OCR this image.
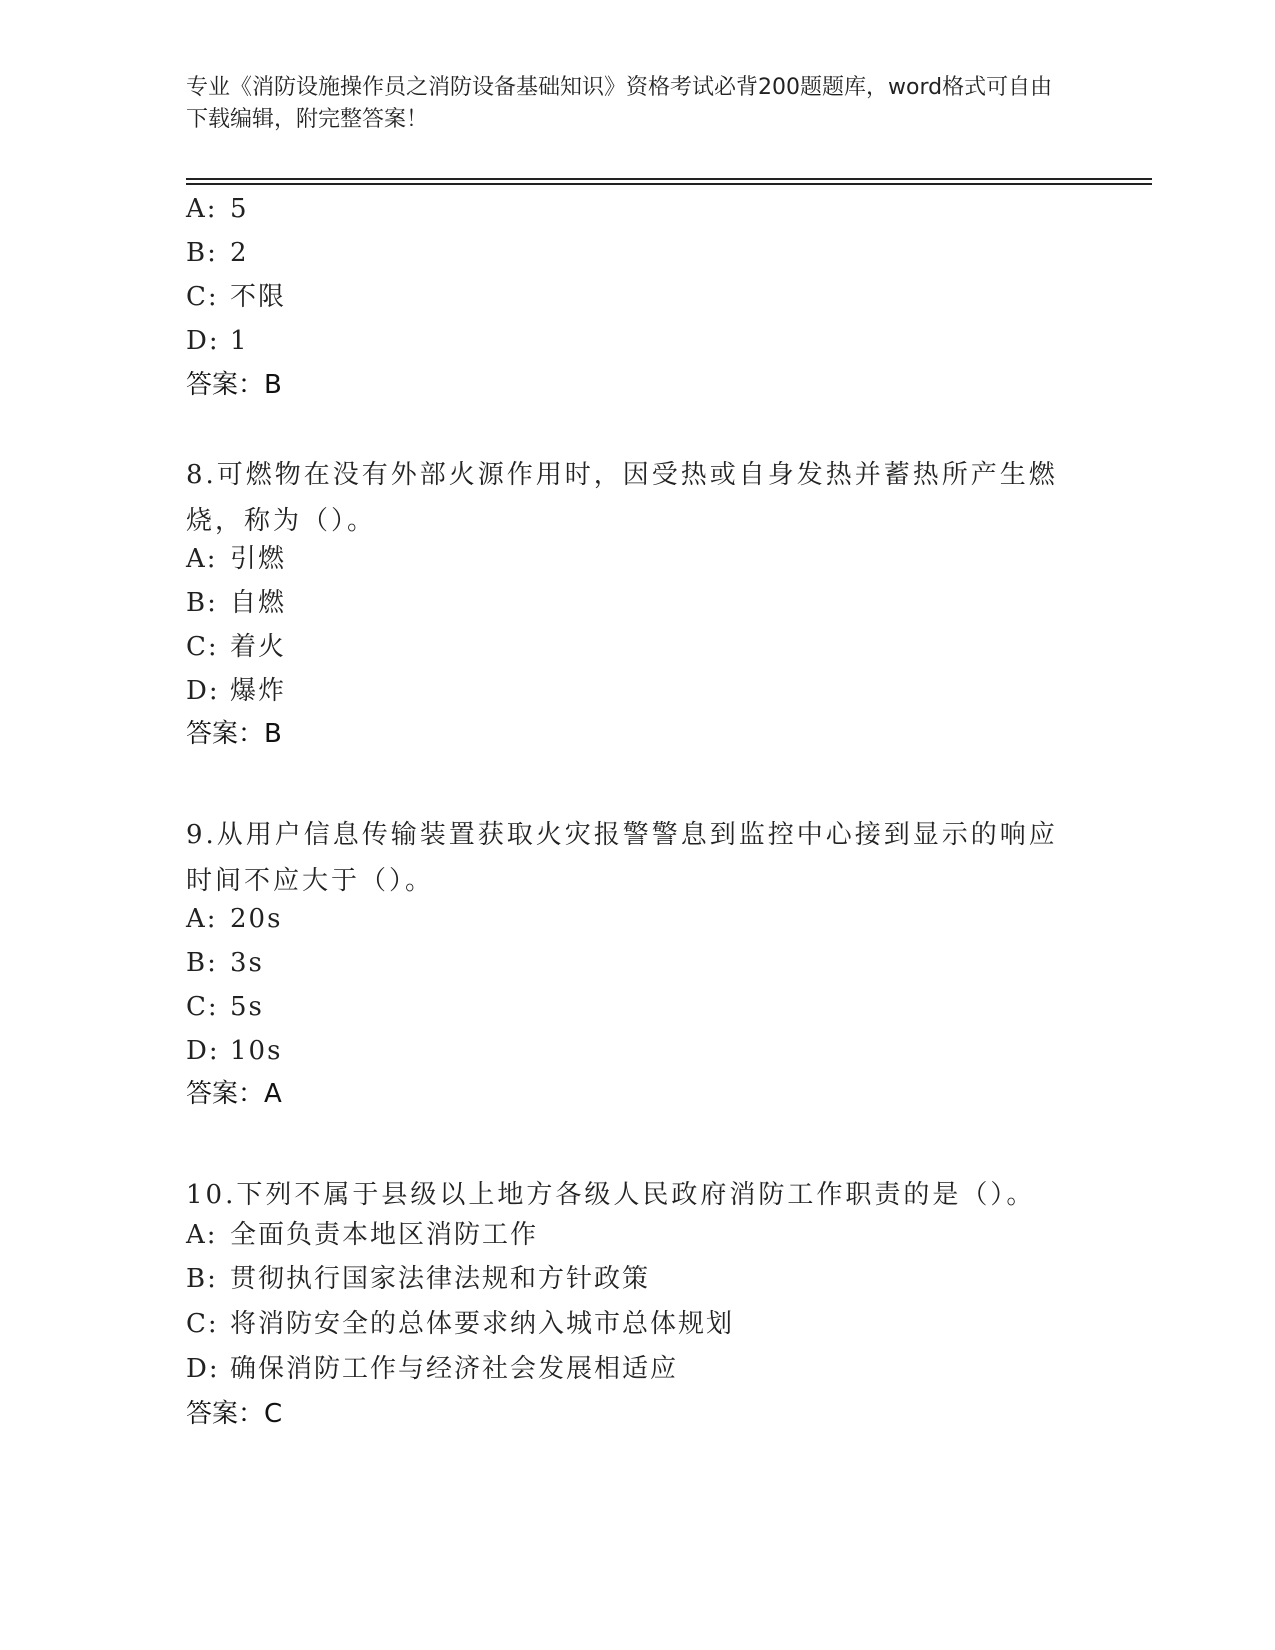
专业《消防设施操作员之消防设备基础知识》资格考试必背200题题库，word格式可自由下载编辑，附完整答案！
A: 5
B: 2
C: 不限
D: 1
答案：B
8.可燃物在没有外部火源作用时，因受热或自身发热并蓄热所产生燃烧，称为（）。
A: 引燃
B: 自燃
C: 着火
D: 爆炸
答案：B
9.从用户信息传输装置获取火灾报警警息到监控中心接到显示的响应时间不应大于（）。
A: 20s
B: 3s
C: 5s
D: 10s
答案：A
10.下列不属于县级以上地方各级人民政府消防工作职责的是（）。
A: 全面负责本地区消防工作
B: 贯彻执行国家法律法规和方针政策
C: 将消防安全的总体要求纳入城市总体规划
D: 确保消防工作与经济社会发展相适应
答案：C
